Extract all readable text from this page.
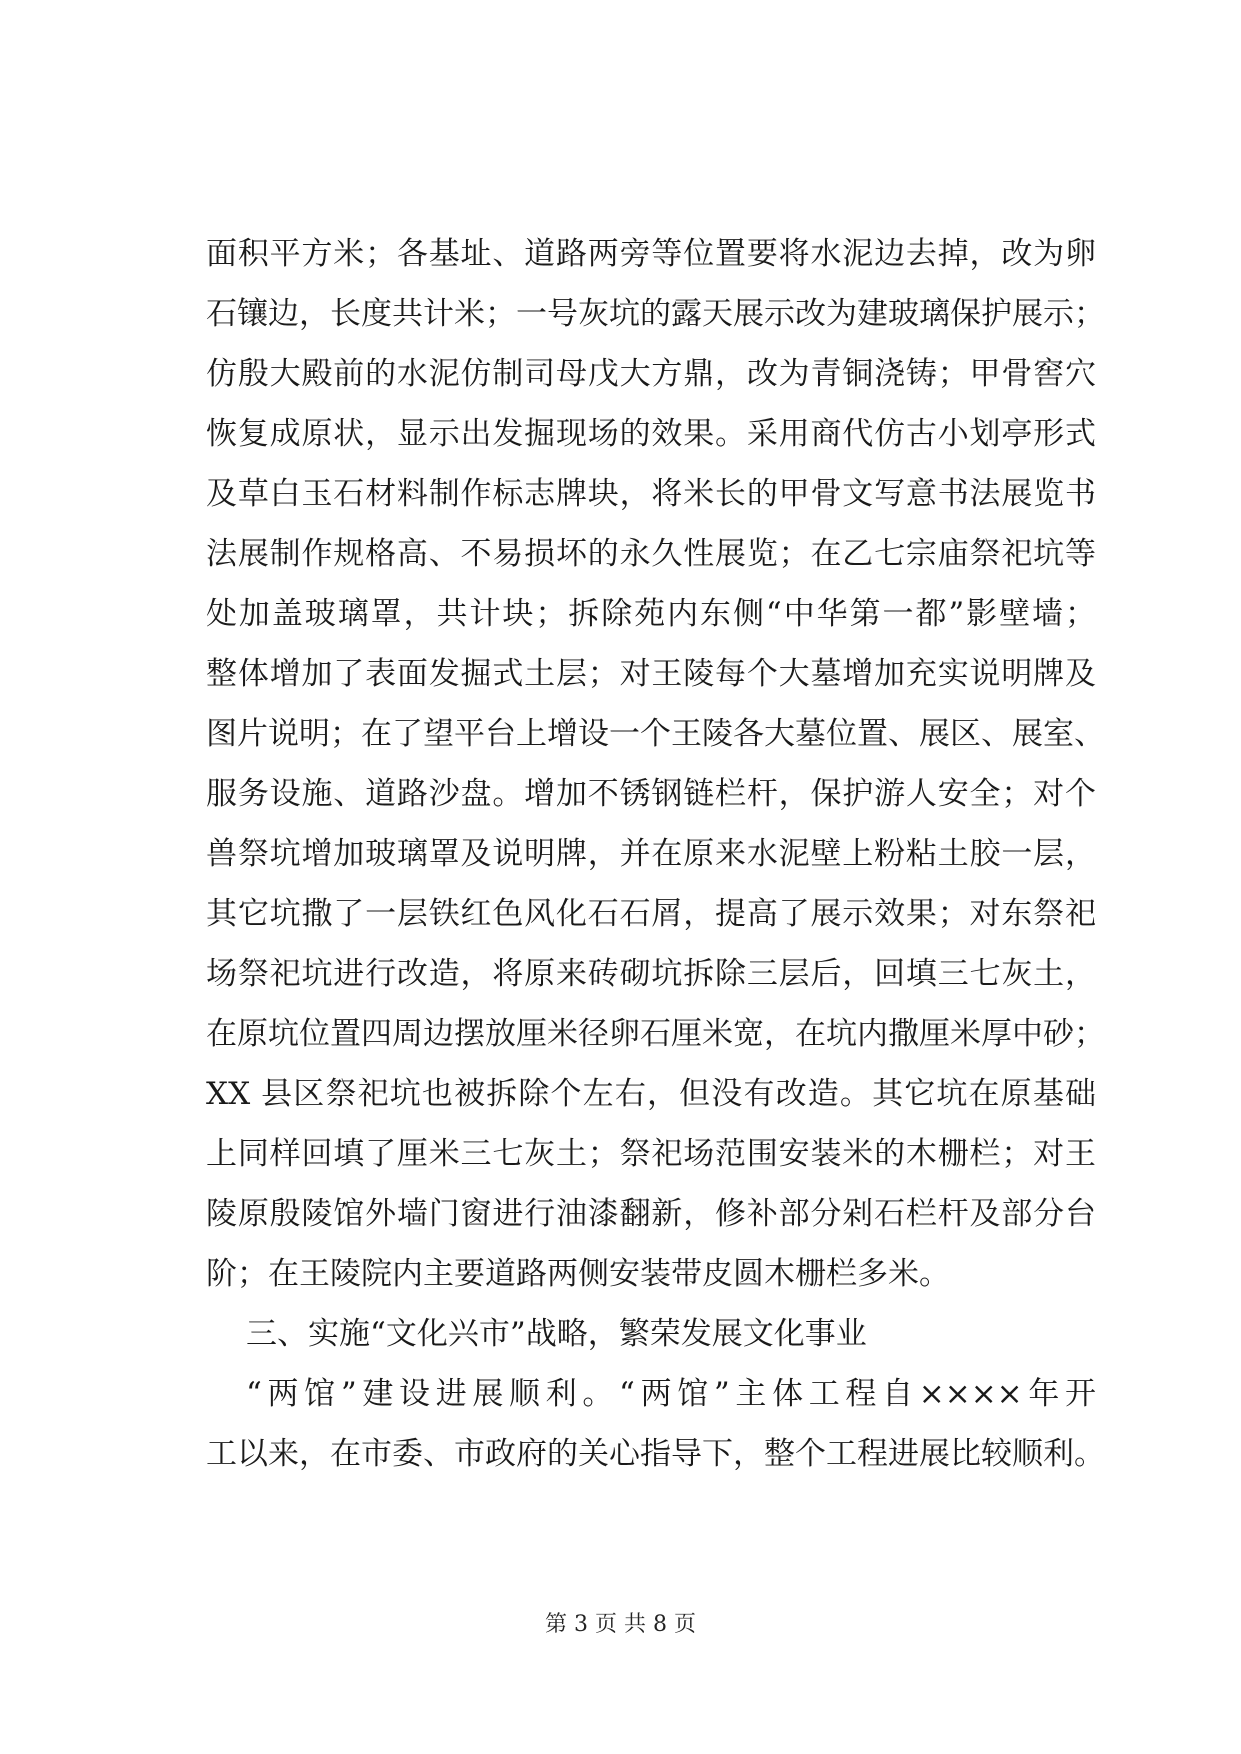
面积平方米；各基址、道路两旁等位置要将水泥边去掉，改为卵
石镶边，长度共计米；一号灰坑的露天展示改为建玻璃保护展示；
仿殷大殿前的水泥仿制司母戊大方鼎，改为青铜浇铸；甲骨窖穴
恢复成原状，显示出发掘现场的效果。采用商代仿古小划亭形式
及草白玉石材料制作标志牌块，将米长的甲骨文写意书法展览书
法展制作规格高、不易损坏的永久性展览；在乙七宗庙祭祀坑等
处加盖玻璃罩，共计块；拆除苑内东侧“中华第一都”影壁墙；
整体增加了表面发掘式土层；对王陵每个大墓增加充实说明牌及
图片说明；在了望平台上增设一个王陵各大墓位置、展区、展室、
服务设施、道路沙盘。增加不锈钢链栏杆，保护游人安全；对个
兽祭坑增加玻璃罩及说明牌，并在原来水泥壁上粉粘土胶一层，
其它坑撒了一层铁红色风化石石屑，提高了展示效果；对东祭祀
场祭祀坑进行改造，将原来砖砌坑拆除三层后，回填三七灰土，
在原坑位置四周边摆放厘米径卵石厘米宽，在坑内撒厘米厚中砂；
XX 县区祭祀坑也被拆除个左右，但没有改造。其它坑在原基础
上同样回填了厘米三七灰土；祭祀场范围安装米的木栅栏；对王
陵原殷陵馆外墙门窗进行油漆翻新，修补部分剁石栏杆及部分台
阶；在王陵院内主要道路两侧安装带皮圆木栅栏多米。
三、实施“文化兴市”战略，繁荣发展文化事业
“两馆”建设进展顺利。“两馆”主体工程自××××年开
工以来，在市委、市政府的关心指导下，整个工程进展比较顺利。
第 3 页 共 8 页
